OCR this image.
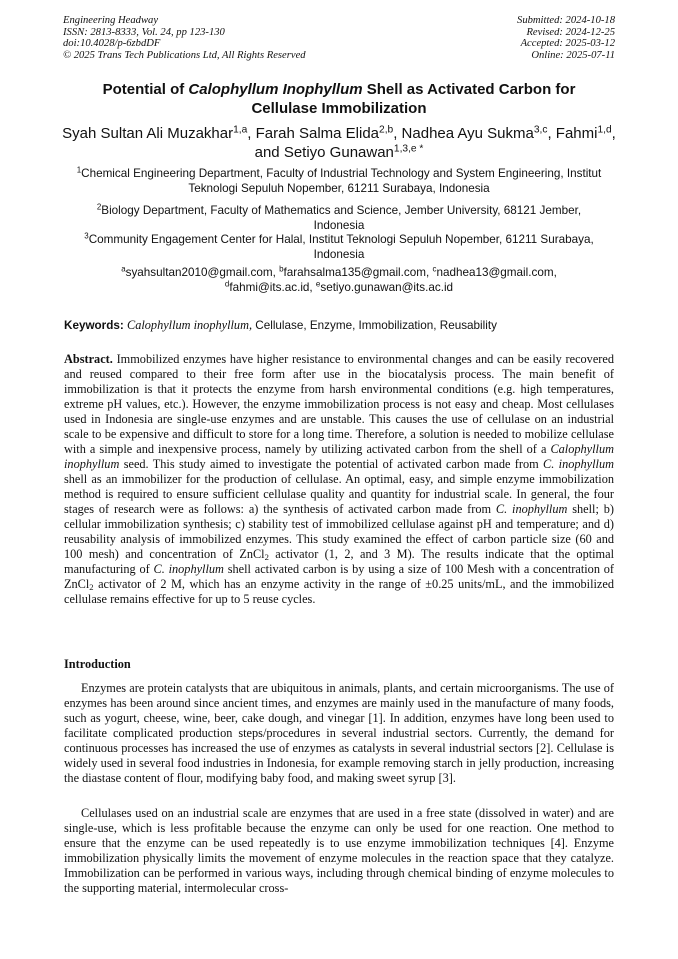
Engineering Headway
ISSN: 2813-8333, Vol. 24, pp 123-130
doi:10.4028/p-6zbdDF
© 2025 Trans Tech Publications Ltd, All Rights Reserved
Submitted: 2024-10-18
Revised: 2024-12-25
Accepted: 2025-03-12
Online: 2025-07-11
Potential of Calophyllum Inophyllum Shell as Activated Carbon for Cellulase Immobilization
Syah Sultan Ali Muzakhar$^{1,a}$, Farah Salma Elida$^{2,b}$, Nadhea Ayu Sukma$^{3,c}$, Fahmi$^{1,d}$, and Setiyo Gunawan$^{1,3,e *}$
$^1$Chemical Engineering Department, Faculty of Industrial Technology and System Engineering, Institut Teknologi Sepuluh Nopember, 61211 Surabaya, Indonesia
$^2$Biology Department, Faculty of Mathematics and Science, Jember University, 68121 Jember, Indonesia
$^3$Community Engagement Center for Halal, Institut Teknologi Sepuluh Nopember, 61211 Surabaya, Indonesia
$^a$syahsultan2010@gmail.com, $^b$farahsalma135@gmail.com, $^c$nadhea13@gmail.com,
$^d$fahmi@its.ac.id, $^e$setiyo.gunawan@its.ac.id
Keywords: Calophyllum inophyllum, Cellulase, Enzyme, Immobilization, Reusability
Abstract. Immobilized enzymes have higher resistance to environmental changes and can be easily recovered and reused compared to their free form after use in the biocatalysis process. The main benefit of immobilization is that it protects the enzyme from harsh environmental conditions (e.g. high temperatures, extreme pH values, etc.). However, the enzyme immobilization process is not easy and cheap. Most cellulases used in Indonesia are single-use enzymes and are unstable. This causes the use of cellulase on an industrial scale to be expensive and difficult to store for a long time. Therefore, a solution is needed to mobilize cellulase with a simple and inexpensive process, namely by utilizing activated carbon from the shell of a Calophyllum inophyllum seed. This study aimed to investigate the potential of activated carbon made from C. inophyllum shell as an immobilizer for the production of cellulase. An optimal, easy, and simple enzyme immobilization method is required to ensure sufficient cellulase quality and quantity for industrial scale. In general, the four stages of research were as follows: a) the synthesis of activated carbon made from C. inophyllum shell; b) cellular immobilization synthesis; c) stability test of immobilized cellulase against pH and temperature; and d) reusability analysis of immobilized enzymes. This study examined the effect of carbon particle size (60 and 100 mesh) and concentration of ZnCl$_2$ activator (1, 2, and 3 M). The results indicate that the optimal manufacturing of C. inophyllum shell activated carbon is by using a size of 100 Mesh with a concentration of ZnCl$_2$ activator of 2 M, which has an enzyme activity in the range of ±0.25 units/mL, and the immobilized cellulase remains effective for up to 5 reuse cycles.
Introduction
Enzymes are protein catalysts that are ubiquitous in animals, plants, and certain microorganisms. The use of enzymes has been around since ancient times, and enzymes are mainly used in the manufacture of many foods, such as yogurt, cheese, wine, beer, cake dough, and vinegar [1]. In addition, enzymes have long been used to facilitate complicated production steps/procedures in several industrial sectors. Currently, the demand for continuous processes has increased the use of enzymes as catalysts in several industrial sectors [2]. Cellulase is widely used in several food industries in Indonesia, for example removing starch in jelly production, increasing the diastase content of flour, modifying baby food, and making sweet syrup [3].
Cellulases used on an industrial scale are enzymes that are used in a free state (dissolved in water) and are single-use, which is less profitable because the enzyme can only be used for one reaction. One method to ensure that the enzyme can be used repeatedly is to use enzyme immobilization techniques [4]. Enzyme immobilization physically limits the movement of enzyme molecules in the reaction space that they catalyze. Immobilization can be performed in various ways, including through chemical binding of enzyme molecules to the supporting material, intermolecular cross-
